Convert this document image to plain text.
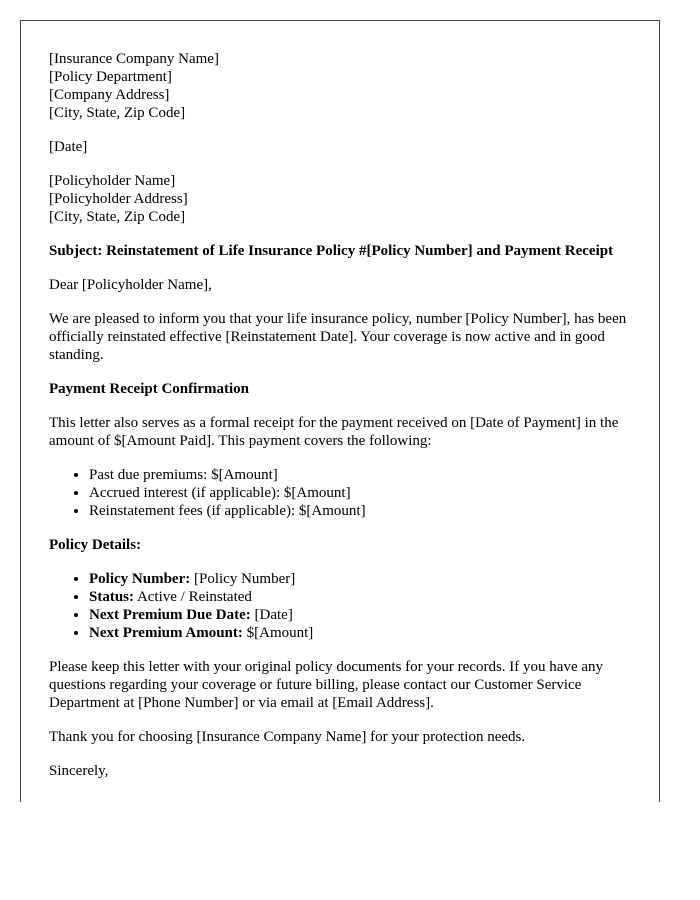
[Insurance Company Name]

[Policy Department]

[Company Address]

[City, State, Zip Code]

[Date]

[Policyholder Name]

[Policyholder Address]

[City, State, Zip Code]

Subject: Reinstatement of Life Insurance Policy #[Policy Number] and Payment Receipt

Dear [Policyholder Name],

We are pleased to inform you that your life insurance policy, number [Policy Number], has been officially reinstated effective [Reinstatement Date]. Your coverage is now active and in good standing.

Payment Receipt Confirmation

This letter also serves as a formal receipt for the payment received on [Date of Payment] in the amount of $[Amount Paid]. This payment covers the following:

• Past due premiums: $[Amount]
• Accrued interest (if applicable): $[Amount]
• Reinstatement fees (if applicable): $[Amount]

Policy Details:

• Policy Number: [Policy Number]
• Status: Active / Reinstated
• Next Premium Due Date: [Date]
• Next Premium Amount: $[Amount]

Please keep this letter with your original policy documents for your records. If you have any questions regarding your coverage or future billing, please contact our Customer Service Department at [Phone Number] or via email at [Email Address].

Thank you for choosing [Insurance Company Name] for your protection needs.

Sincerely,
